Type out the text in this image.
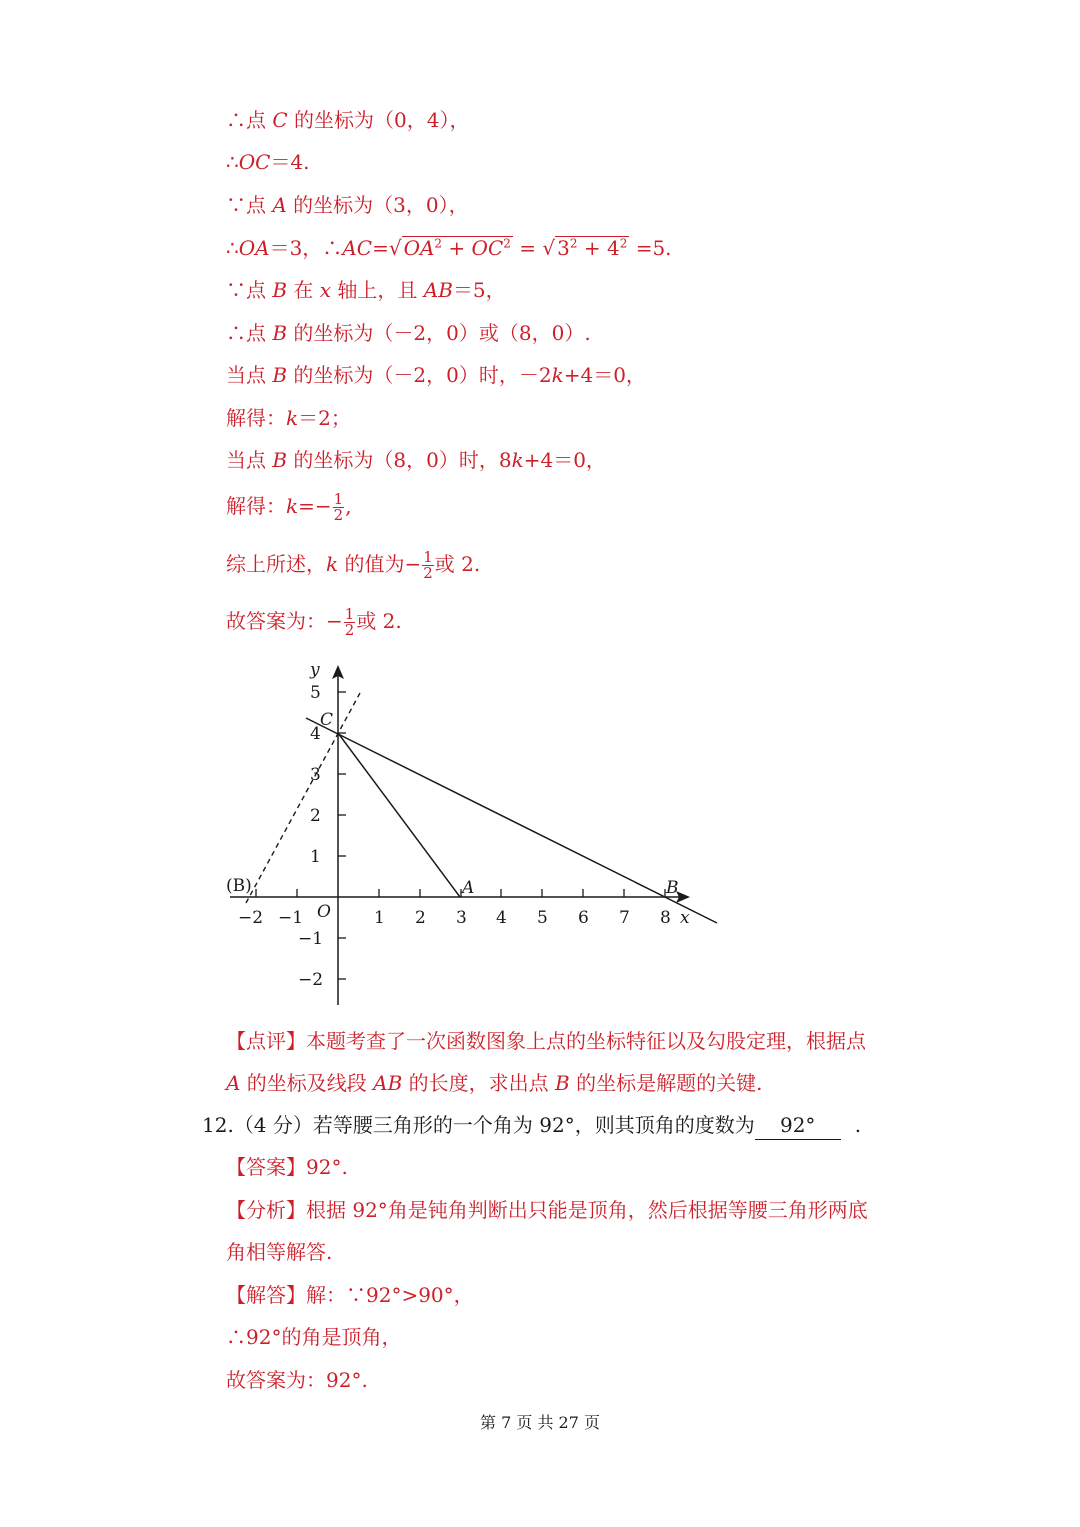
∴点 C 的坐标为（0，4），
∴OC＝4.
∵点 A 的坐标为（3，0），
∴OA＝3，∴AC=√ $OA^2 + OC^2$ = √ $3^2 + 4^2 =5$.
∵点 B 在 x 轴上，且 AB＝5，
∴点 B 的坐标为（－2，0）或（8，0）.
当点 B 的坐标为（－2，0）时，－2k+4＝0，
解得：k＝2；
当点 B 的坐标为（8，0）时，8k+4＝0，
解得：$k=- \frac{1}{2}$ ,
综上所述，k 的值为− $\frac{1}{2}$ 或 2.
故答案为：− $\frac{1}{2}$ 或 2.
−2 −1	1 2 3 4 5 6 7 8 x
5
4
3
2
1
−1
−2
y
O
C
A	B
(B)
【点评】本题考查了一次函数图象上点的坐标特征以及勾股定理，根据点
A 的坐标及线段 AB 的长度，求出点 B 的坐标是解题的关键.
12.（4 分）若等腰三角形的一个角为 92°，则其顶角的度数为 92° .
【答案】92°.
【分析】根据 92°角是钝角判断出只能是顶角，然后根据等腰三角形两底
角相等解答.
【解答】解：∵92°>90°，
∴92°的角是顶角，
故答案为：92°.
第 7 页 共 27 页
